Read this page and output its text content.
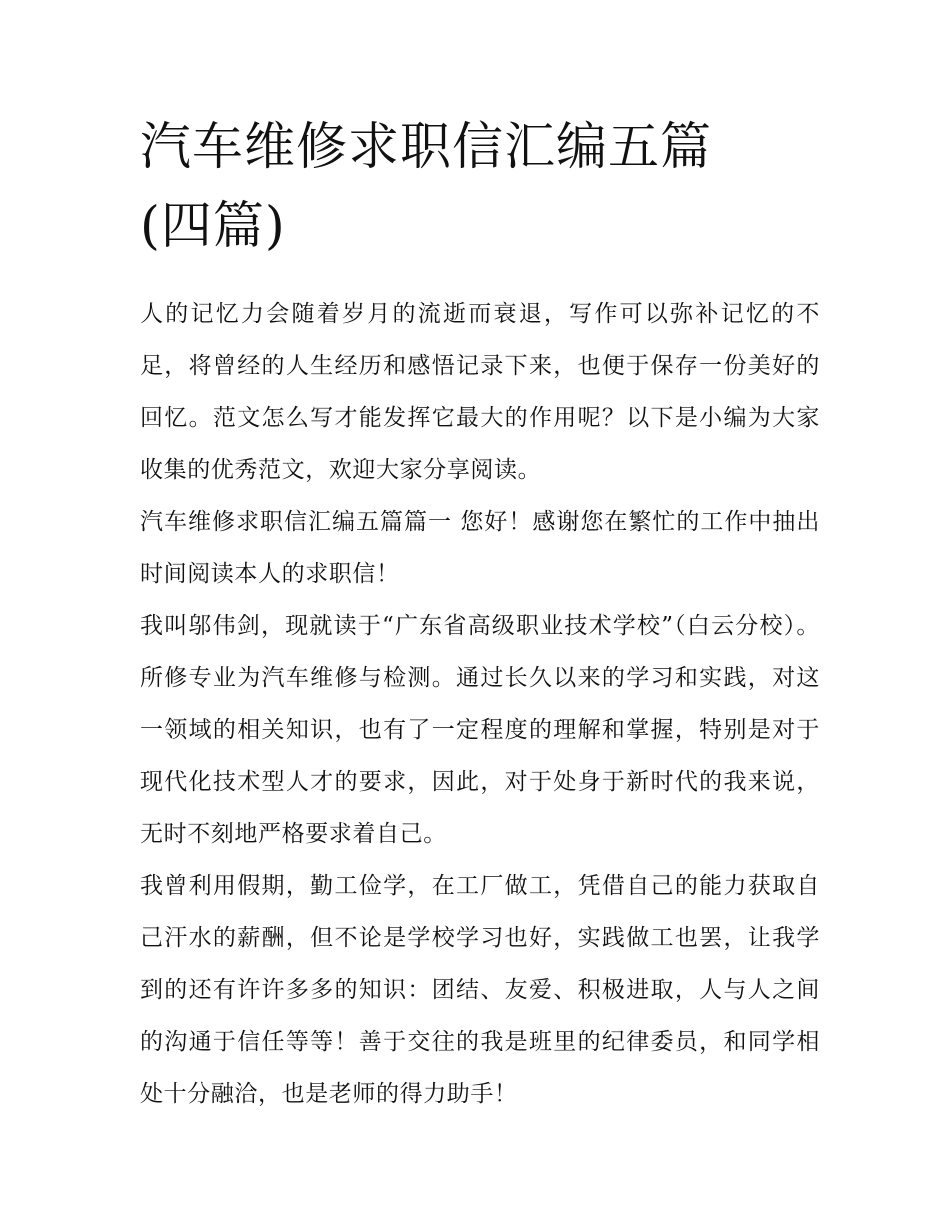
汽车维修求职信汇编五篇(四篇)

人的记忆力会随着岁月的流逝而衰退，写作可以弥补记忆的不足，将曾经的人生经历和感悟记录下来，也便于保存一份美好的回忆。范文怎么写才能发挥它最大的作用呢？以下是小编为大家收集的优秀范文，欢迎大家分享阅读。

汽车维修求职信汇编五篇篇一 您好！感谢您在繁忙的工作中抽出时间阅读本人的求职信！

我叫邬伟剑，现就读于“广东省高级职业技术学校”（白云分校）。所修专业为汽车维修与检测。通过长久以来的学习和实践，对这一领域的相关知识，也有了一定程度的理解和掌握，特别是对于现代化技术型人才的要求，因此，对于处身于新时代的我来说，无时不刻地严格要求着自己。

我曾利用假期，勤工俭学，在工厂做工，凭借自己的能力获取自己汗水的薪酬，但不论是学校学习也好，实践做工也罢，让我学到的还有许许多多的知识：团结、友爱、积极进取，人与人之间的沟通于信任等等！善于交往的我是班里的纪律委员，和同学相处十分融洽，也是老师的得力助手！
